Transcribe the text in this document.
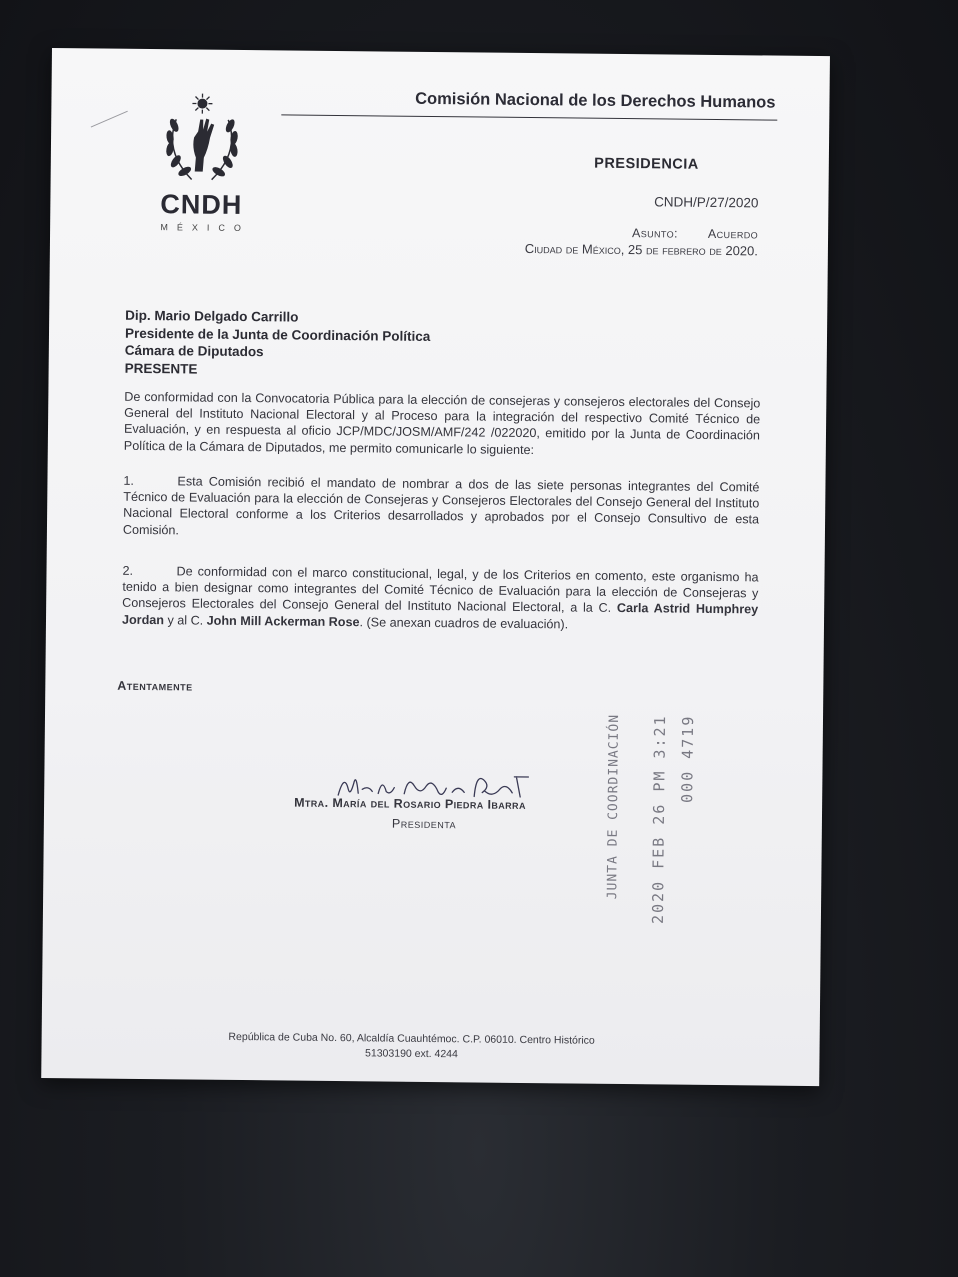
CNDH
MÉXICO
Comisión Nacional de los Derechos Humanos
PRESIDENCIA
CNDH/P/27/2020
Asunto: Acuerdo
Ciudad de México, 25 de febrero de 2020.
Dip. Mario Delgado Carrillo
Presidente de la Junta de Coordinación Política
Cámara de Diputados
PRESENTE
De conformidad con la Convocatoria Pública para la elección de consejeras y consejeros electorales del Consejo General del Instituto Nacional Electoral y al Proceso para la integración del respectivo Comité Técnico de Evaluación, y en respuesta al oficio JCP/MDC/JOSM/AMF/242 /022020, emitido por la Junta de Coordinación Política de la Cámara de Diputados, me permito comunicarle lo siguiente:
1.	Esta Comisión recibió el mandato de nombrar a dos de las siete personas integrantes del Comité Técnico de Evaluación para la elección de Consejeras y Consejeros Electorales del Consejo General del Instituto Nacional Electoral conforme a los Criterios desarrollados y aprobados por el Consejo Consultivo de esta Comisión.
2.	De conformidad con el marco constitucional, legal, y de los Criterios en comento, este organismo ha tenido a bien designar como integrantes del Comité Técnico de Evaluación para la elección de Consejeras y Consejeros Electorales del Consejo General del Instituto Nacional Electoral, a la C. Carla Astrid Humphrey Jordan y al C. John Mill Ackerman Rose. (Se anexan cuadros de evaluación).
Atentamente
Mtra. María del Rosario Piedra Ibarra
Presidenta	JUNTA DE COORDINACIÓN 2020 FEB 26 PM 3:21 000 4719
República de Cuba No. 60, Alcaldía Cuauhtémoc. C.P. 06010. Centro Histórico
51303190 ext. 4244
